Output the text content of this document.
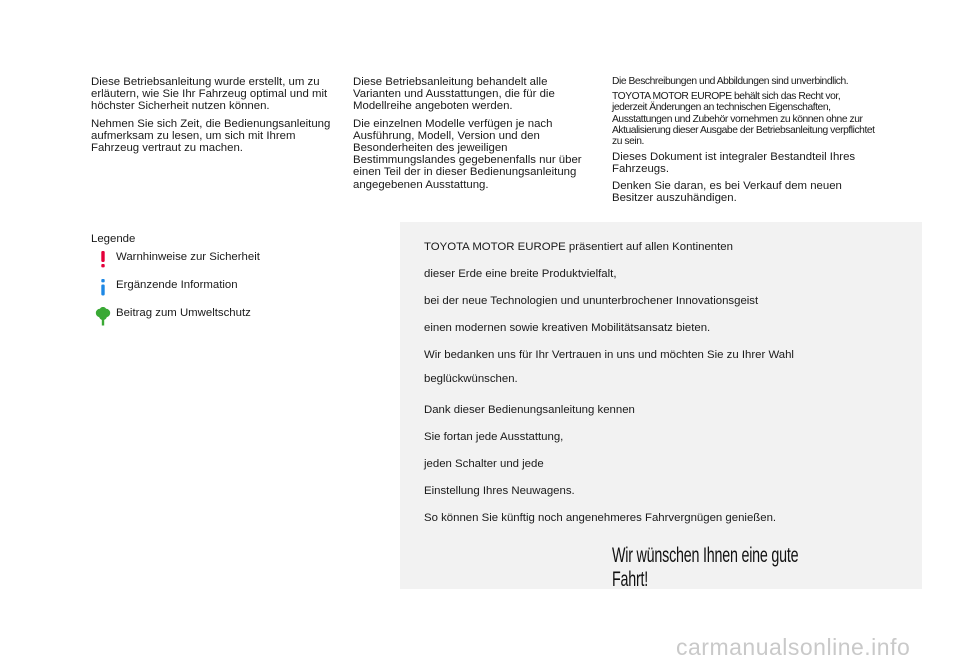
Diese Betriebsanleitung wurde erstellt, um zu erläutern, wie Sie Ihr Fahrzeug optimal und mit höchster Sicherheit nutzen können.

Nehmen Sie sich Zeit, die Bedienungsanleitung aufmerksam zu lesen, um sich mit Ihrem Fahrzeug vertraut zu machen.

Diese Betriebsanleitung behandelt alle Varianten und Ausstattungen, die für die Modellreihe angeboten werden.

Die einzelnen Modelle verfügen je nach Ausführung, Modell, Version und den Besonderheiten des jeweiligen Bestimmungslandes gegebenenfalls nur über einen Teil der in dieser Bedienungsanleitung angegebenen Ausstattung.

Die Beschreibungen und Abbildungen sind unverbindlich.

TOYOTA MOTOR EUROPE behält sich das Recht vor, jederzeit Änderungen an technischen Eigenschaften, Ausstattungen und Zubehör vornehmen zu können ohne zur Aktualisierung dieser Ausgabe der Betriebsanleitung verpflichtet zu sein.

Dieses Dokument ist integraler Bestandteil Ihres Fahrzeugs.

Denken Sie daran, es bei Verkauf dem neuen Besitzer auszuhändigen.

Legende
Warnhinweise zur Sicherheit
Ergänzende Information
Beitrag zum Umweltschutz
TOYOTA MOTOR EUROPE präsentiert auf allen Kontinenten
dieser Erde eine breite Produktvielfalt,
bei der neue Technologien und ununterbrochener Innovationsgeist
einen modernen sowie kreativen Mobilitätsansatz bieten.
Wir bedanken uns für Ihr Vertrauen in uns und möchten Sie zu Ihrer Wahl
beglückwünschen.
Dank dieser Bedienungsanleitung kennen
Sie fortan jede Ausstattung,
jeden Schalter und jede
Einstellung Ihres Neuwagens.
So können Sie künftig noch angenehmeres Fahrvergnügen genießen.
Wir wünschen Ihnen eine gute Fahrt!
carmanualsonline.info
